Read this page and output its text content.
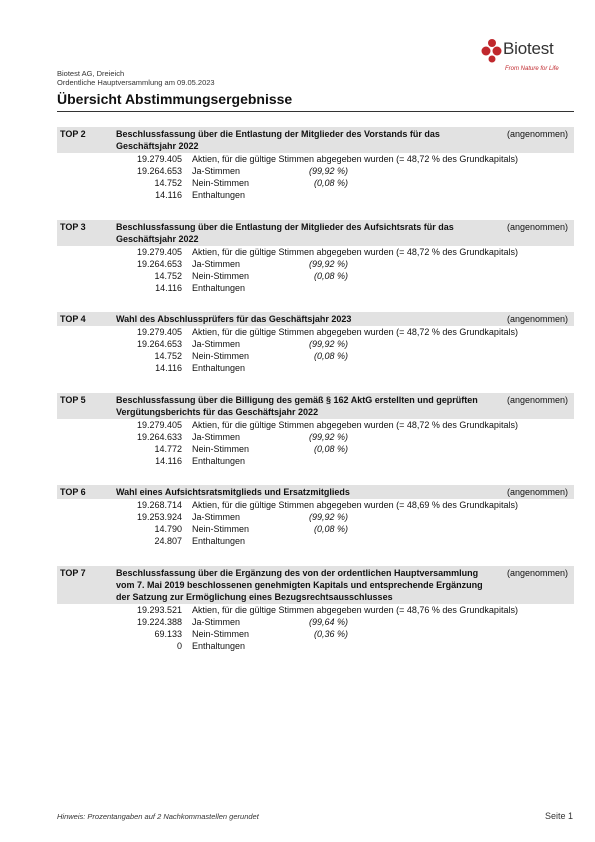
Biotest
From Nature for Life
Biotest AG, Dreieich
Ordentliche Hauptversammlung am 09.05.2023
Übersicht Abstimmungsergebnisse
TOP 2	Beschlussfassung über die Entlastung der Mitglieder des Vorstands für das Geschäftsjahr 2022
(angenommen)
19.279.405 Aktien, für die gültige Stimmen abgegeben wurden (= 48,72 % des Grundkapitals)
19.264.653 Ja-Stimmen	(99,92 %)
14.752 Nein-Stimmen	(0,08 %)
14.116 Enthaltungen
TOP 3	Beschlussfassung über die Entlastung der Mitglieder des Aufsichtsrats für das Geschäftsjahr 2022
(angenommen)
19.279.405 Aktien, für die gültige Stimmen abgegeben wurden (= 48,72 % des Grundkapitals)
19.264.653 Ja-Stimmen	(99,92 %)
14.752 Nein-Stimmen	(0,08 %)
14.116 Enthaltungen
TOP 4	Wahl des Abschlussprüfers für das Geschäftsjahr 2023	(angenommen)
19.279.405 Aktien, für die gültige Stimmen abgegeben wurden (= 48,72 % des Grundkapitals)
19.264.653 Ja-Stimmen	(99,92 %)
14.752 Nein-Stimmen	(0,08 %)
14.116 Enthaltungen
TOP 5	Beschlussfassung über die Billigung des gemäß § 162 AktG erstellten und geprüften Vergütungsberichts für das Geschäftsjahr 2022
(angenommen)
19.279.405 Aktien, für die gültige Stimmen abgegeben wurden (= 48,72 % des Grundkapitals)
19.264.633 Ja-Stimmen	(99,92 %)
14.772 Nein-Stimmen	(0,08 %)
14.116 Enthaltungen
TOP 6	Wahl eines Aufsichtsratsmitglieds und Ersatzmitglieds	(angenommen)
19.268.714 Aktien, für die gültige Stimmen abgegeben wurden (= 48,69 % des Grundkapitals)
19.253.924 Ja-Stimmen	(99,92 %)
14.790 Nein-Stimmen	(0,08 %)
24.807 Enthaltungen
TOP 7	Beschlussfassung über die Ergänzung des von der ordentlichen Hauptversammlung vom 7. Mai 2019 beschlossenen genehmigten Kapitals und entsprechende Ergänzung der Satzung zur Ermöglichung eines Bezugsrechtsausschlusses
(angenommen)
19.293.521 Aktien, für die gültige Stimmen abgegeben wurden (= 48,76 % des Grundkapitals)
19.224.388 Ja-Stimmen	(99,64 %)
69.133 Nein-Stimmen	(0,36 %)
0 Enthaltungen
Hinweis: Prozentangaben auf 2 Nachkommastellen gerundet	Seite 1
